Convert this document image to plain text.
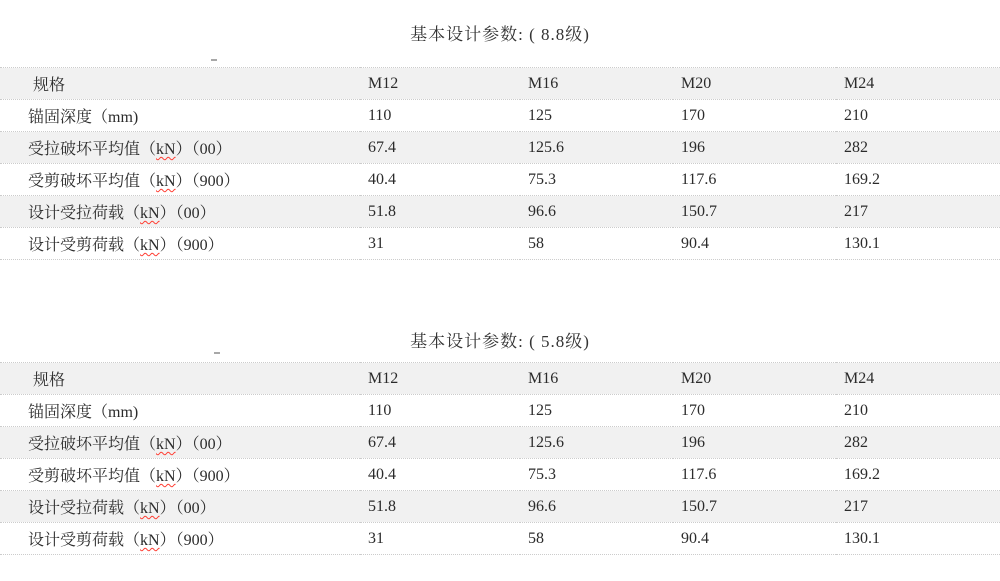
基本设计参数: ( 8.8级)
规格	M12	M16	M20	M24
锚固深度（mm)	110	125	170	210
受拉破坏平均值（kN）（00）	67.4	125.6	196	282
受剪破坏平均值（kN）（900）	40.4	75.3	117.6	169.2
设计受拉荷载（kN）（00）	51.8	96.6	150.7	217
设计受剪荷载（kN）（900）	31	58	90.4	130.1
基本设计参数: ( 5.8级)
规格	M12	M16	M20	M24
锚固深度（mm)	110	125	170	210
受拉破坏平均值（kN）（00）	67.4	125.6	196	282
受剪破坏平均值（kN）（900）	40.4	75.3	117.6	169.2
设计受拉荷载（kN）（00）	51.8	96.6	150.7	217
设计受剪荷载（kN）（900）	31	58	90.4	130.1
